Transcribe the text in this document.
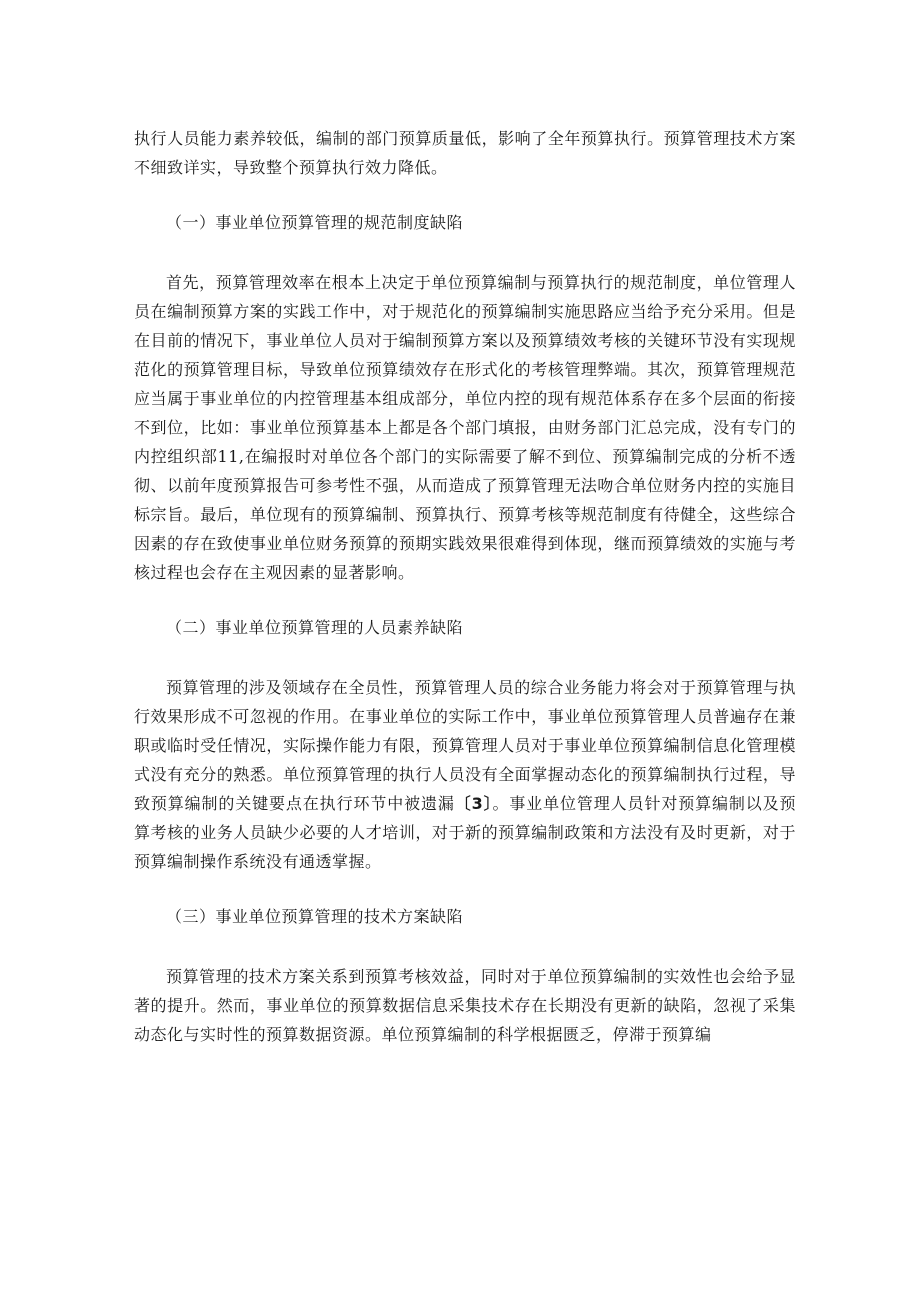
执行人员能力素养较低，编制的部门预算质量低，影响了全年预算执行。预算管理技术方案不细致详实，导致整个预算执行效力降低。

（一）事业单位预算管理的规范制度缺陷

首先，预算管理效率在根本上决定于单位预算编制与预算执行的规范制度，单位管理人员在编制预算方案的实践工作中，对于规范化的预算编制实施思路应当给予充分采用。但是在目前的情况下，事业单位人员对于编制预算方案以及预算绩效考核的关键环节没有实现规范化的预算管理目标，导致单位预算绩效存在形式化的考核管理弊端。其次，预算管理规范应当属于事业单位的内控管理基本组成部分，单位内控的现有规范体系存在多个层面的衔接不到位，比如：事业单位预算基本上都是各个部门填报，由财务部门汇总完成，没有专门的内控组织部11,在编报时对单位各个部门的实际需要了解不到位、预算编制完成的分析不透彻、以前年度预算报告可参考性不强，从而造成了预算管理无法吻合单位财务内控的实施目标宗旨。最后，单位现有的预算编制、预算执行、预算考核等规范制度有待健全，这些综合因素的存在致使事业单位财务预算的预期实践效果很难得到体现，继而预算绩效的实施与考核过程也会存在主观因素的显著影响。

（二）事业单位预算管理的人员素养缺陷

预算管理的涉及领域存在全员性，预算管理人员的综合业务能力将会对于预算管理与执行效果形成不可忽视的作用。在事业单位的实际工作中，事业单位预算管理人员普遍存在兼职或临时受任情况，实际操作能力有限，预算管理人员对于事业单位预算编制信息化管理模式没有充分的熟悉。单位预算管理的执行人员没有全面掌握动态化的预算编制执行过程，导致预算编制的关键要点在执行环节中被遗漏〔3〕。事业单位管理人员针对预算编制以及预算考核的业务人员缺少必要的人才培训，对于新的预算编制政策和方法没有及时更新，对于预算编制操作系统没有通透掌握。

（三）事业单位预算管理的技术方案缺陷

预算管理的技术方案关系到预算考核效益，同时对于单位预算编制的实效性也会给予显著的提升。然而，事业单位的预算数据信息采集技术存在长期没有更新的缺陷，忽视了采集动态化与实时性的预算数据资源。单位预算编制的科学根据匮乏，停滞于预算编
